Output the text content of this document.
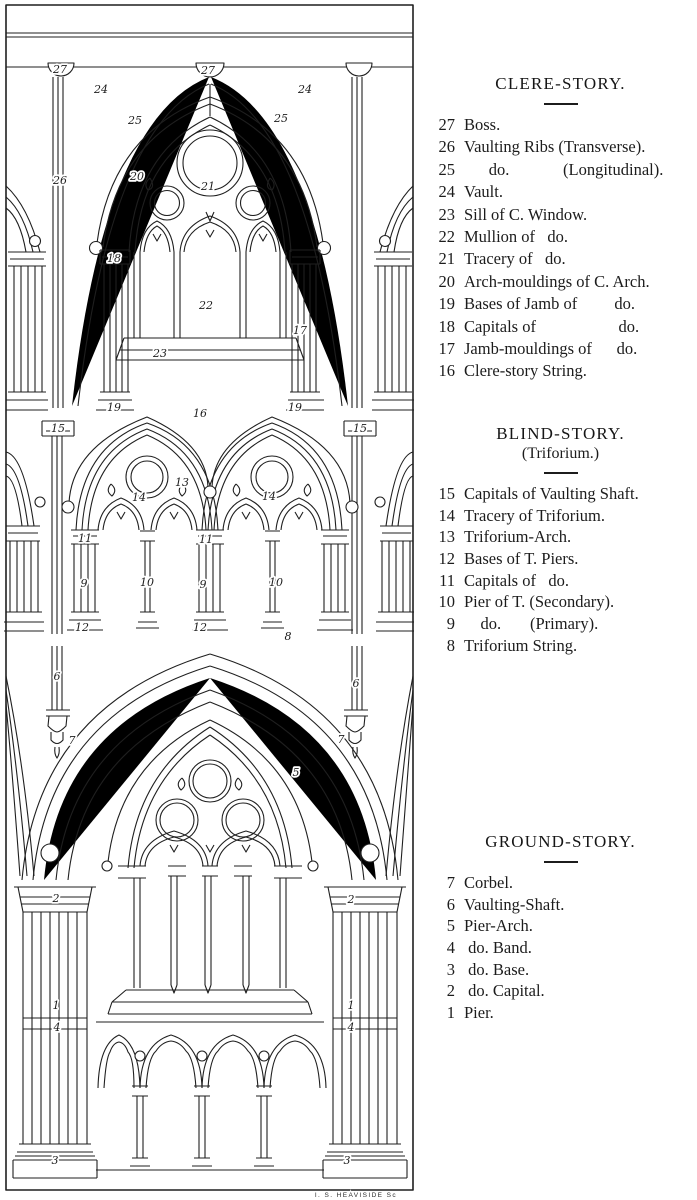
27	27
24	24
25	25
26	20
21
18
22
17
23
19	19
16
15	15
13
14	14
11	11
9	10	9	10
12	12
8
6
6
7	7
5
2	2
1	1
4	4
3	3
I. S. HEAVISIDE Sc
CLERE-STORY.
27 Boss.
26 Vaulting Ribs (Transverse).
25 do.             (Longitudinal).
24 Vault.
23 Sill of C. Window.
22 Mullion of   do.
21 Tracery of   do.
20 Arch-mouldings of C. Arch.
19 Bases of Jamb of         do.
18 Capitals of                    do.
17 Jamb-mouldings of      do.
16 Clere-story String.
BLIND-STORY.
(Triforium.)
15 Capitals of Vaulting Shaft.
14 Tracery of Triforium.
13 Triforium-Arch.
12 Bases of T. Piers.
11 Capitals of   do.
10 Pier of T. (Secondary).
9 do.       (Primary).
8 Triforium String.
GROUND-STORY.
7 Corbel.
6 Vaulting-Shaft.
5 Pier-Arch.
4 do. Band.
3 do. Base.
2 do. Capital.
1 Pier.
